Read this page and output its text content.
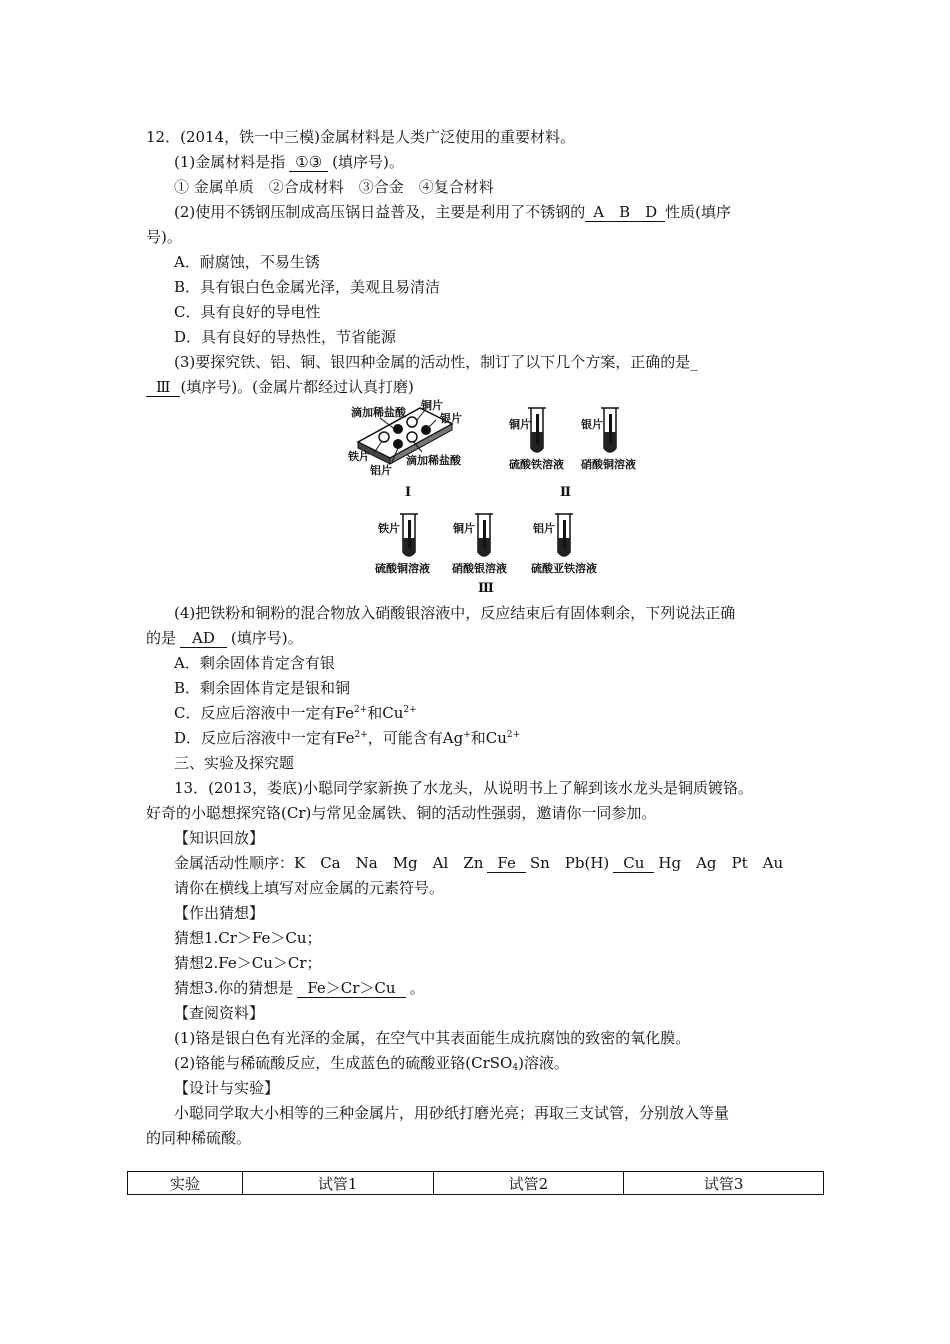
12．(2014，铁一中三模)金属材料是人类广泛使用的重要材料。
(1)金属材料是指 ①③ (填序号)。
① 金属单质　②合成材料　③合金　④复合材料
(2)使用不锈钢压制成高压锅日益普及，主要是利用了不锈钢的 A　B　D 性质(填序
号)。
A．耐腐蚀，不易生锈
B．具有银白色金属光泽，美观且易清洁
C．具有良好的导电性
D．具有良好的导热性，节省能源
(3)要探究铁、铝、铜、银四种金属的活动性，制订了以下几个方案，正确的是_
Ⅲ (填序号)。(金属片都经过认真打磨)
滴加稀盐酸
铜片
银片
铁片
铝片
滴加稀盐酸
Ⅰ
铜片
硫酸铁溶液
银片
硝酸铜溶液
Ⅱ
铁片
硫酸铜溶液
铜片
硝酸银溶液
铝片
硫酸亚铁溶液
Ⅲ
(4)把铁粉和铜粉的混合物放入硝酸银溶液中，反应结束后有固体剩余，下列说法正确
的是 AD (填序号)。
A．剩余固体肯定含有银
B．剩余固体肯定是银和铜
C．反应后溶液中一定有$Fe^{2+}$和$Cu^{2+}$
D．反应后溶液中一定有$Fe^{2+}$，可能含有Ag+和$Cu^{2+}$
三、实验及探究题
13．(2013，娄底)小聪同学家新换了水龙头，从说明书上了解到该水龙头是铜质镀铬。
好奇的小聪想探究铬(Cr)与常见金属铁、铜的活动性强弱，邀请你一同参加。
【知识回放】
金属活动性顺序：K　Ca　Na　Mg　Al　Zn Fe Sn　Pb(H) Cu Hg　Ag　Pt　Au
请你在横线上填写对应金属的元素符号。
【作出猜想】
猜想1.Cr＞Fe＞Cu；
猜想2.Fe＞Cu＞Cr；
猜想3.你的猜想是 Fe＞Cr＞Cu 。
【查阅资料】
(1)铬是银白色有光泽的金属，在空气中其表面能生成抗腐蚀的致密的氧化膜。
(2)铬能与稀硫酸反应，生成蓝色的硫酸亚铬(CrSO$_4$)溶液。
【设计与实验】
小聪同学取大小相等的三种金属片，用砂纸打磨光亮；再取三支试管，分别放入等量
的同种稀硫酸。
实验	试管1	试管2	试管3
